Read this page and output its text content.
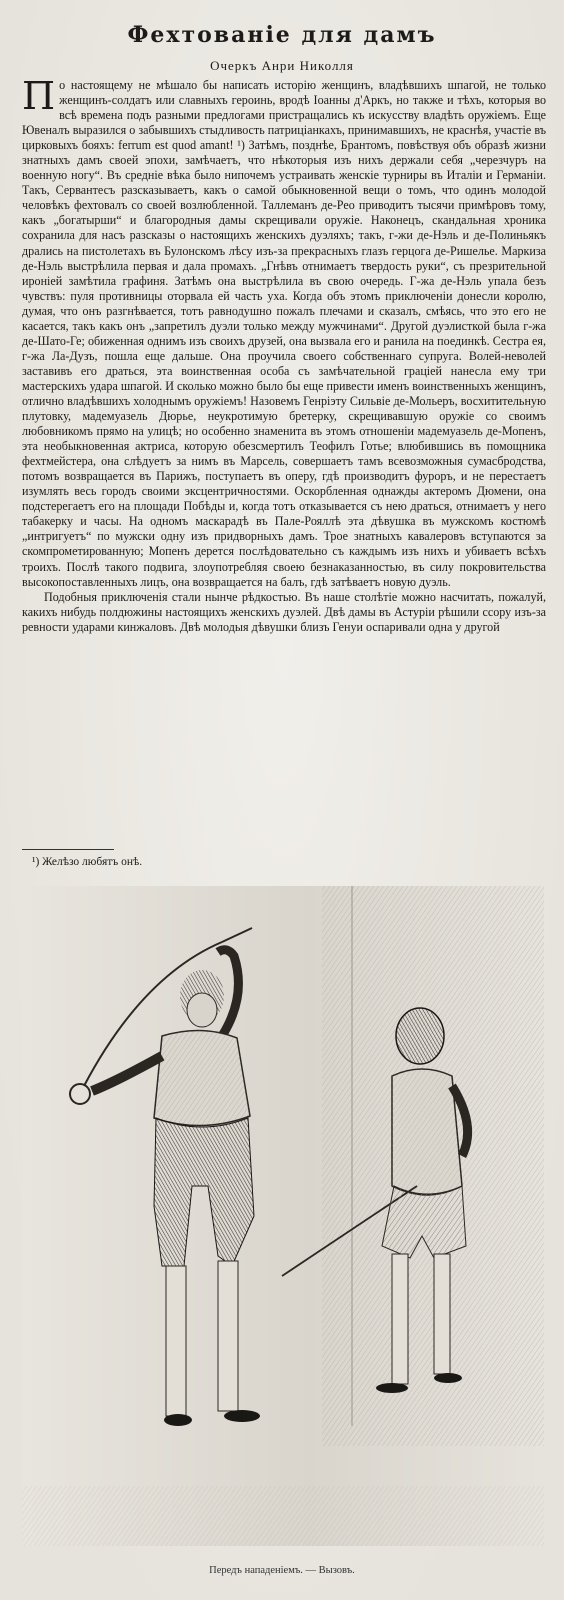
Фехтованіе для дамъ
Очеркъ Анри Николля

По настоящему не мѣшало бы написать исторію женщинъ, владѣвшихъ шпагой, не только женщинъ-солдатъ или славныхъ героинь, вродѣ Іоанны д'Аркъ, но также и тѣхъ, которыя во всѣ времена подъ разными предлогами пристращались къ искусству владѣть оружіемъ. Еще Ювеналъ выразился о забывшихъ стыдливость патриціанкахъ, принимавшихъ, не краснѣя, участіе въ цирковыхъ бояхъ: ferrum est quod amant! ¹) Затѣмъ, позднѣе, Брантомъ, повѣствуя объ образѣ жизни знатныхъ дамъ своей эпохи, замѣчаетъ, что нѣкоторыя изъ нихъ держали себя „черезчуръ на военную ногу“. Въ средніе вѣка было нипочемъ устраивать женскіе турниры въ Италіи и Германіи. Такъ, Сервантесъ разсказываетъ, какъ о самой обыкновенной вещи о томъ, что одинъ молодой человѣкъ фехтовалъ со своей возлюбленной. Таллеманъ де-Рео приводитъ тысячи примѣровъ тому, какъ „богатырши“ и благородныя дамы скрещивали оружіе. Наконецъ, скандальная хроника сохранила для насъ разсказы о настоящихъ женскихъ дуэляхъ; такъ, г-жи де-Нэль и де-Полиньякъ дрались на пистолетахъ въ Булонскомъ лѣсу изъ-за прекрасныхъ глазъ герцога де-Ришелье. Маркиза де-Нэль выстрѣлила первая и дала промахъ. „Гнѣвъ отнимаетъ твердость руки“, съ презрительной ироніей замѣтила графиня. Затѣмъ она выстрѣлила въ свою очередь. Г-жа де-Нэль упала безъ чувствъ: пуля противницы оторвала ей часть уха. Когда объ этомъ приключеніи донесли королю, думая, что онъ разгнѣвается, тотъ равнодушно пожалъ плечами и сказалъ, смѣясь, что это его не касается, такъ какъ онъ „запретилъ дуэли только между мужчинами“. Другой дуэлисткой была г-жа де-Шато-Ге; обиженная однимъ изъ своихъ друзей, она вызвала его и ранила на поединкѣ. Сестра ея, г-жа Ла-Дузъ, пошла еще дальше. Она проучила своего собственнаго супруга. Волей-неволей заставивъ его драться, эта воинственная особа съ замѣчательной граціей нанесла ему три мастерскихъ удара шпагой. И сколько можно было бы еще привести именъ воинственныхъ женщинъ, отлично владѣвшихъ холоднымъ оружіемъ! Назовемъ Генріэту Сильвіе де-Мольеръ, восхитительную плутовку, мадемуазель Дюрье, неукротимую бретерку, скрещивавшую оружіе со своимъ любовникомъ прямо на улицѣ; но особенно знаменита въ этомъ отношеніи мадемуазель де-Мопенъ, эта необыкновенная актриса, которую обезсмертилъ Теофилъ Готье; влюбившись въ помощника фехтмейстера, она слѣдуетъ за нимъ въ Марсель, совершаетъ тамъ всевозможныя сумасбродства, потомъ возвращается въ Парижъ, поступаетъ въ оперу, гдѣ производитъ фуроръ, и не перестаетъ изумлять весь городъ своими эксцентричностями. Оскорбленная однажды актеромъ Дюмени, она подстерегаетъ его на площади Побѣды и, когда тотъ отказывается съ нею драться, отнимаетъ у него табакерку и часы. На одномъ маскарадѣ въ Пале-Рояллѣ эта дѣвушка въ мужскомъ костюмѣ „интригуетъ“ по мужски одну изъ придворныхъ дамъ. Трое знатныхъ кавалеровъ вступаются за скомпрометированную; Мопенъ дерется послѣдовательно съ каждымъ изъ нихъ и убиваетъ всѣхъ троихъ. Послѣ такого подвига, злоупотребляя своею безнаказанностью, въ силу покровительства высокопоставленныхъ лицъ, она возвращается на балъ, гдѣ затѣваетъ новую дуэль.

Подобныя приключенія стали нынче рѣдкостью. Въ наше столѣтіе можно насчитать, пожалуй, какихъ нибудь полдюжины настоящихъ женскихъ дуэлей. Двѣ дамы въ Астуріи рѣшили ссору изъ-за ревности ударами кинжаловъ. Двѣ молодыя дѣвушки близъ Генуи оспаривали одна у другой

¹) Желѣзо любятъ онѣ.
Передъ нападеніемъ. — Вызовъ.
